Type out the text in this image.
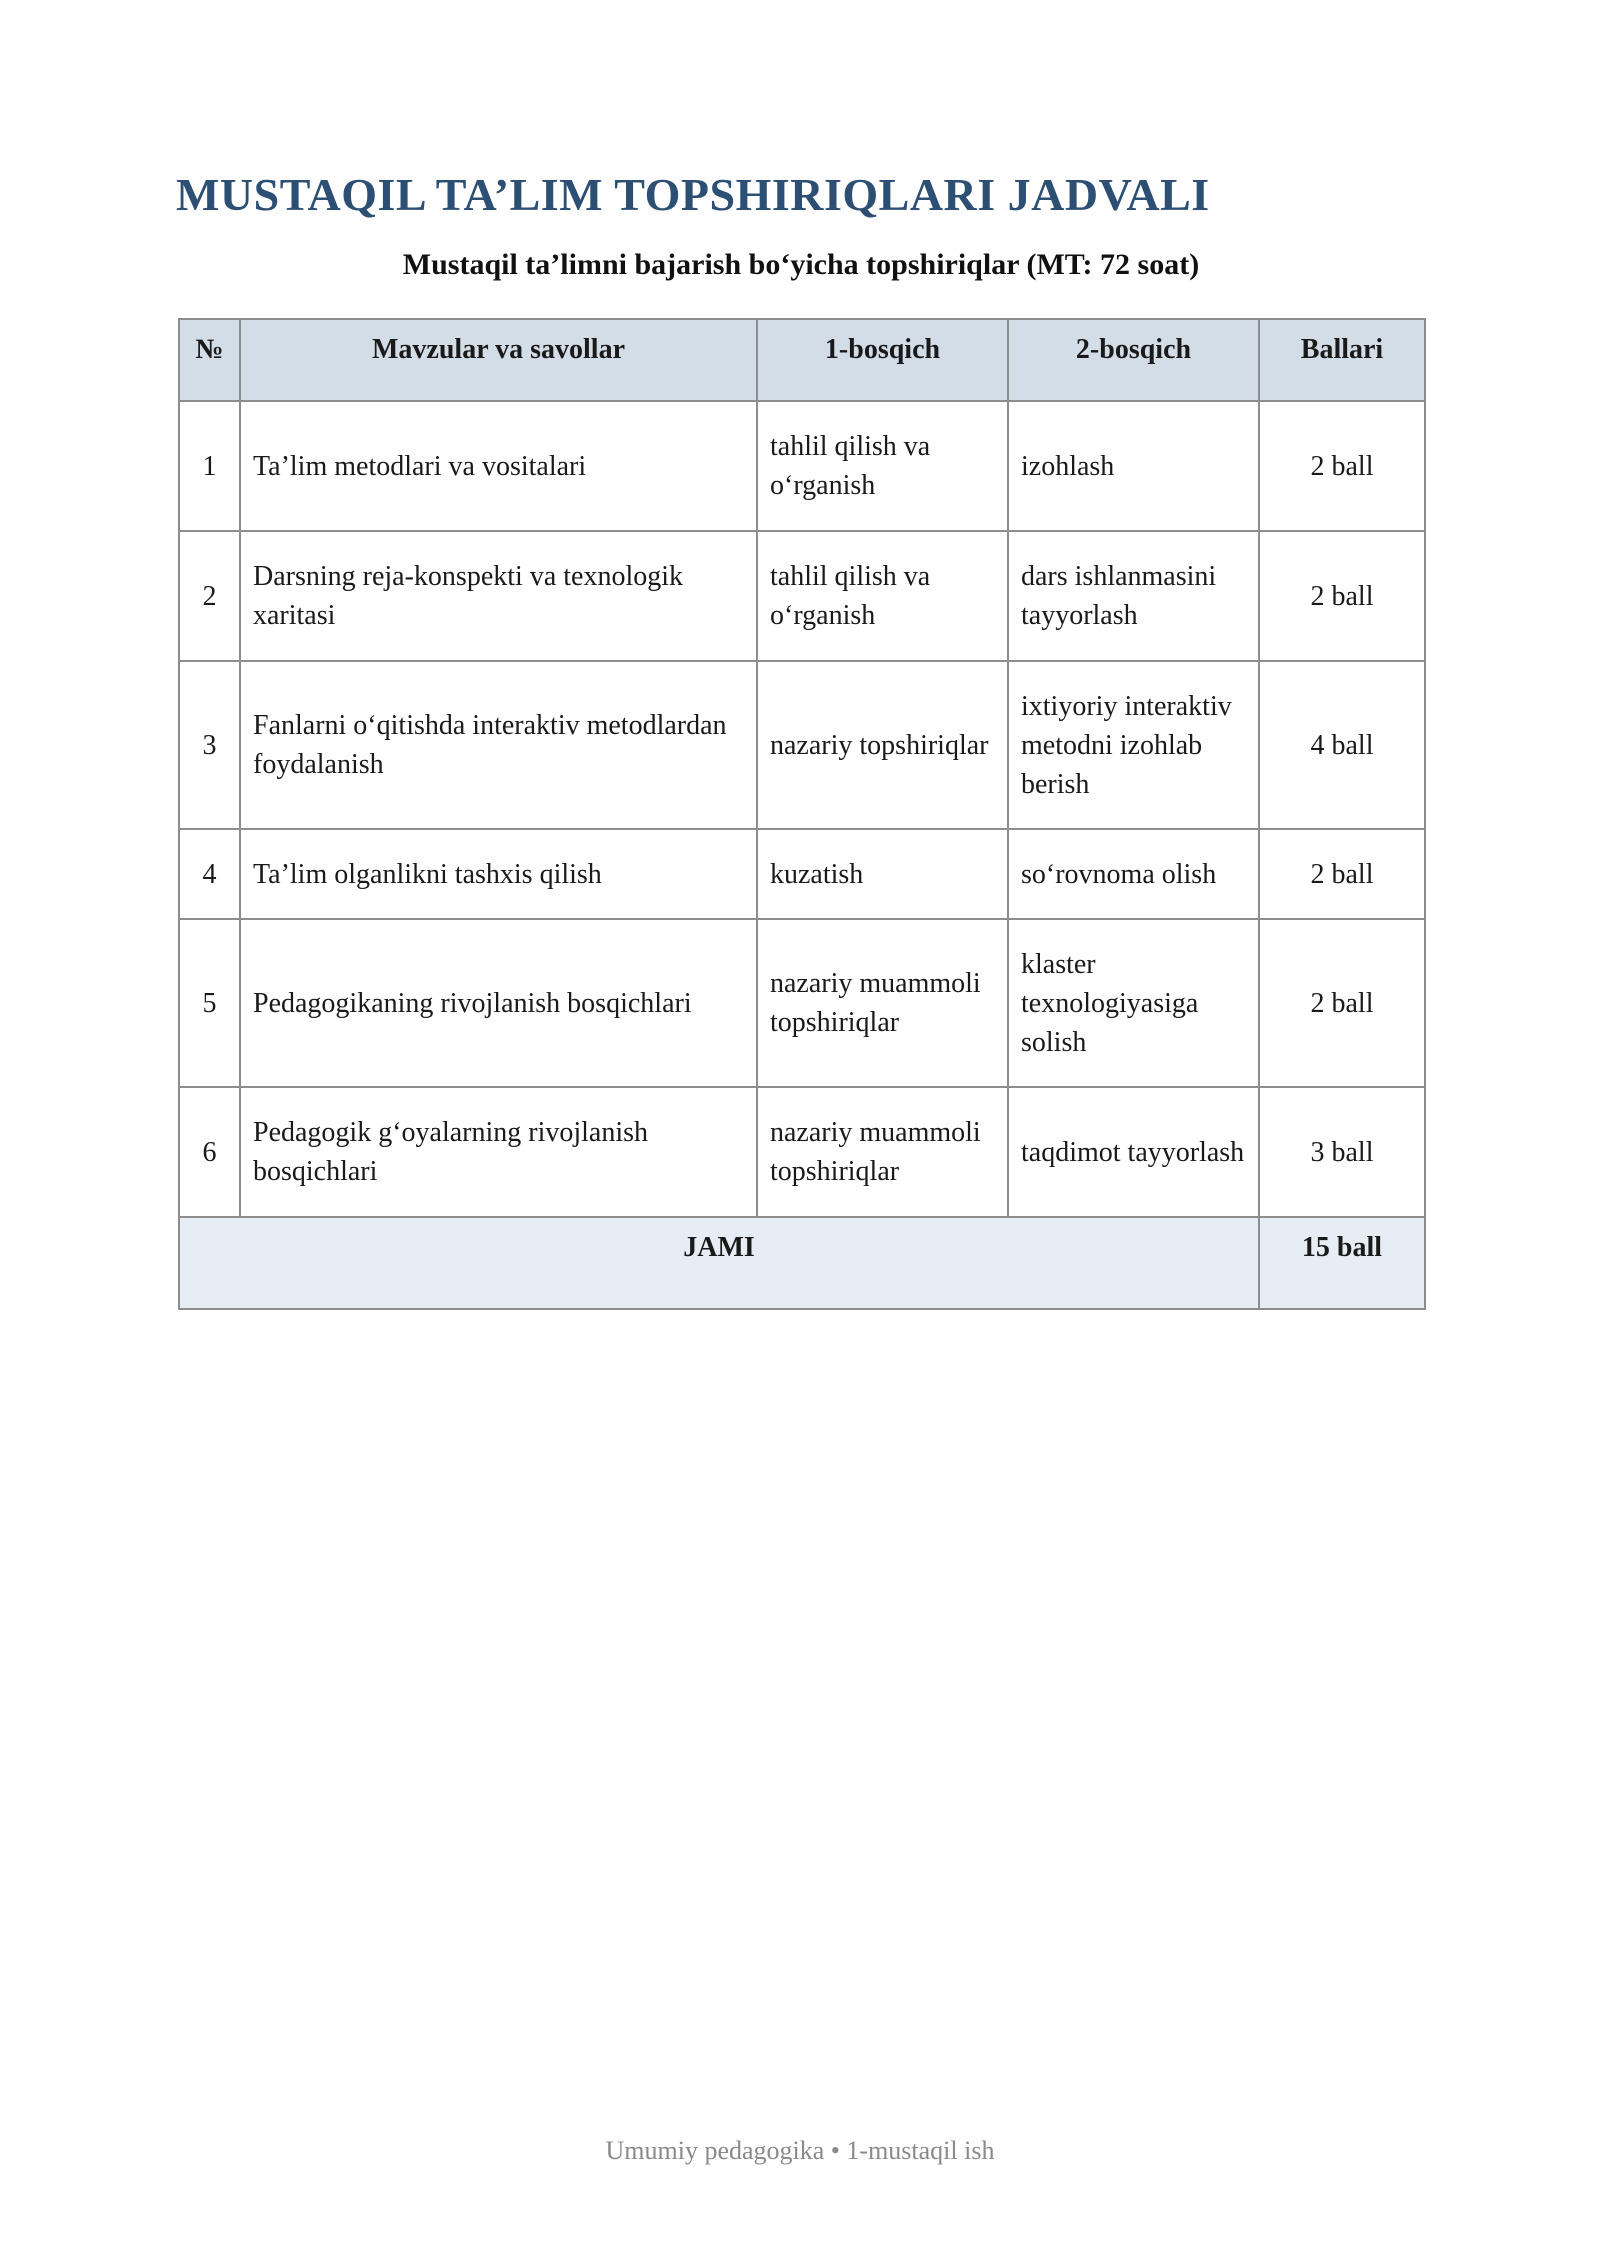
MUSTAQIL TA’LIM TOPSHIRIQLARI JADVALI

Mustaqil ta’limni bajarish bo‘yicha topshiriqlar (MT: 72 soat)

№	Mavzular va savollar	1-bosqich	2-bosqich	Ballari
1	Ta’lim metodlari va vositalari	tahlil qilish va o‘rganish	izohlash	2 ball
2	Darsning reja-konspekti va texnologik xaritasi	tahlil qilish va o‘rganish	dars ishlanmasini tayyorlash	2 ball
3	Fanlarni o‘qitishda interaktiv metodlardan foydalanish	nazariy topshiriqlar	ixtiyoriy interaktiv metodni izohlab berish	4 ball
4	Ta’lim olganlikni tashxis qilish	kuzatish	so‘rovnoma olish	2 ball
5	Pedagogikaning rivojlanish bosqichlari	nazariy muammoli topshiriqlar	klaster texnologiyasiga solish	2 ball
6	Pedagogik g‘oyalarning rivojlanish bosqichlari	nazariy muammoli topshiriqlar	taqdimot tayyorlash	3 ball
JAMI				15 ball
Umumiy pedagogika • 1-mustaqil ish
